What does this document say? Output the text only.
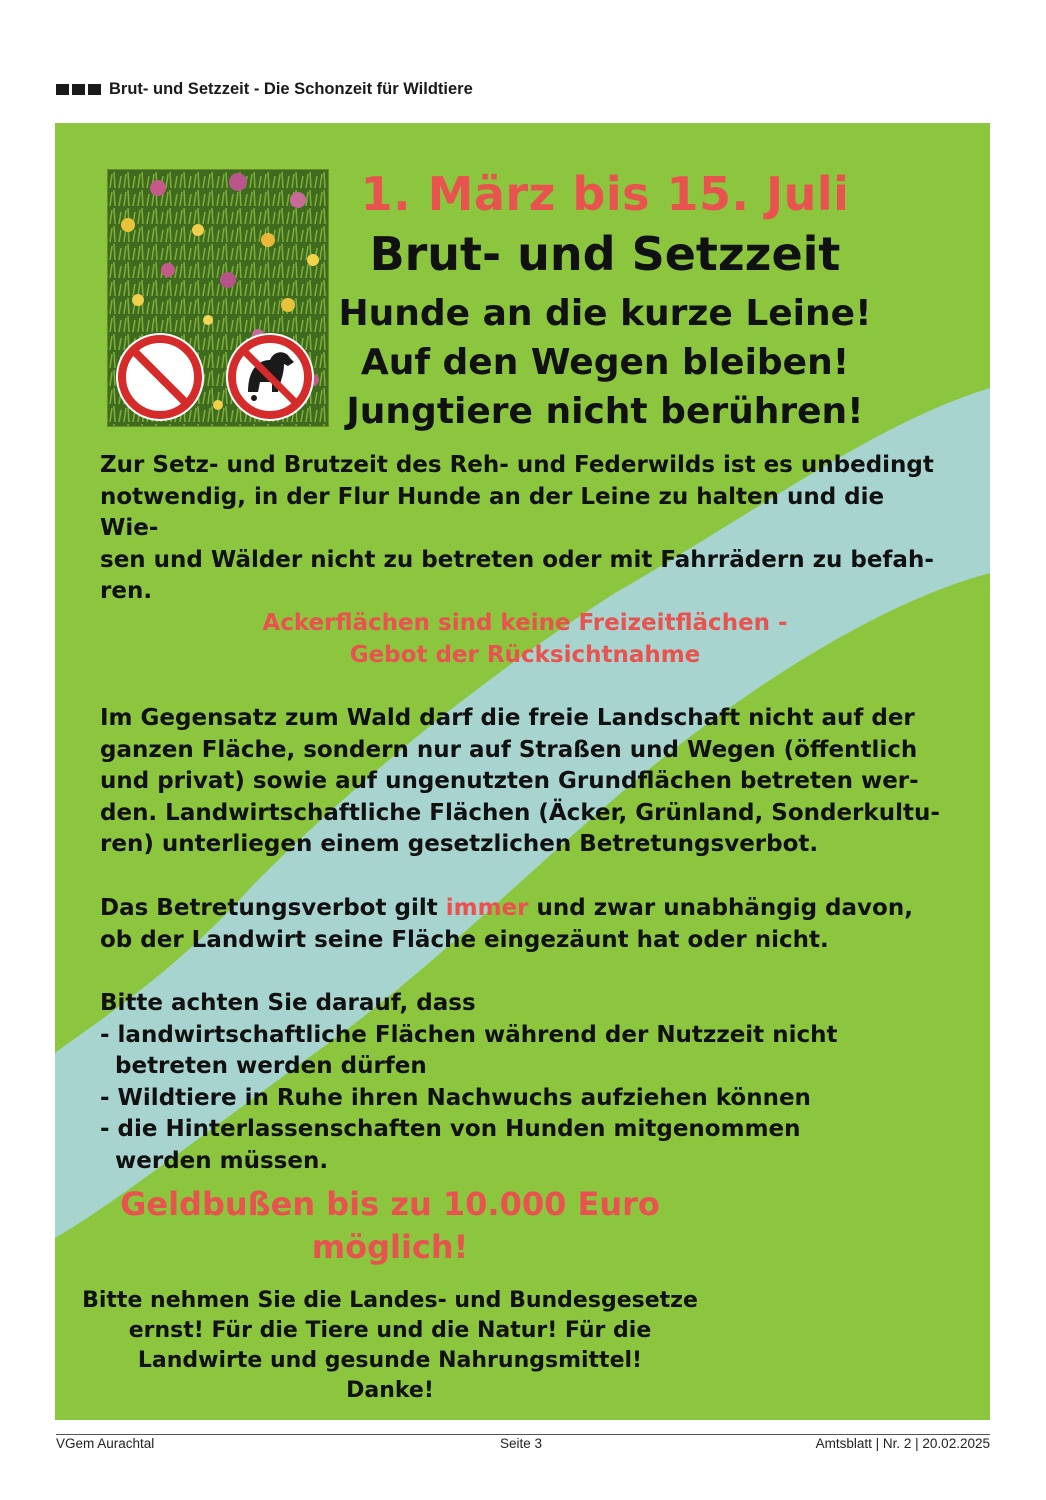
Brut- und Setzzeit - Die Schonzeit für Wildtiere
1. März bis 15. Juli
Brut- und Setzzeit
Hunde an die kurze Leine!
Auf den Wegen bleiben!
Jungtiere nicht berühren!

Zur Setz- und Brutzeit des Reh- und Federwilds ist es unbedingt

notwendig, in der Flur Hunde an der Leine zu halten und die Wie-

sen und Wälder nicht zu betreten oder mit Fahrrädern zu befah-

ren.

Ackerflächen sind keine Freizeitflächen -

Gebot der Rücksichtnahme

Im Gegensatz zum Wald darf die freie Landschaft nicht auf der

ganzen Fläche, sondern nur auf Straßen und Wegen (öffentlich

und privat) sowie auf ungenutzten Grundflächen betreten wer-

den. Landwirtschaftliche Flächen (Äcker, Grünland, Sonderkultu-

ren) unterliegen einem gesetzlichen Betretungsverbot.

Das Betretungsverbot gilt immer und zwar unabhängig davon,

ob der Landwirt seine Fläche eingezäunt hat oder nicht.

Bitte achten Sie darauf, dass

- landwirtschaftliche Flächen während der Nutzzeit nicht

betreten werden dürfen

- Wildtiere in Ruhe ihren Nachwuchs aufziehen können

- die Hinterlassenschaften von Hunden mitgenommen

werden müssen.

Geldbußen bis zu 10.000 Euro
möglich!
Bitte nehmen Sie die Landes- und Bundesgesetze
ernst! Für die Tiere und die Natur! Für die
Landwirte und gesunde Nahrungsmittel!
Danke!
VGem Aurachtal	Seite 3	Amtsblatt | Nr. 2 | 20.02.2025
